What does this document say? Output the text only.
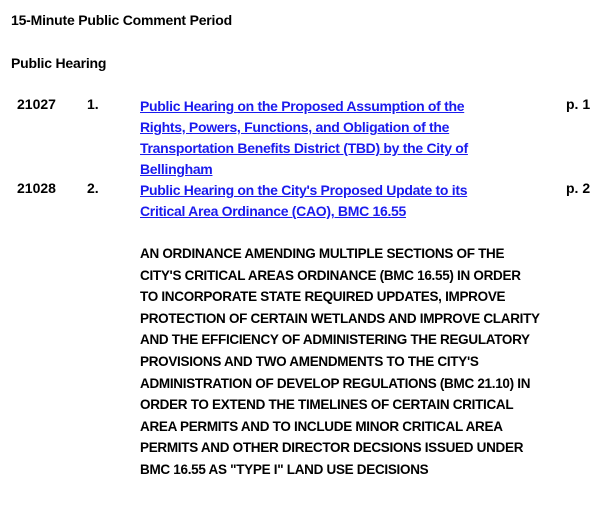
15-Minute Public Comment Period
Public Hearing
21027 1.	Public Hearing on the Proposed Assumption of the Rights, Powers, Functions, and Obligation of the Transportation Benefits District (TBD) by the City of Bellingham
p. 1
21028 2.	Public Hearing on the City's Proposed Update to its Critical Area Ordinance (CAO), BMC 16.55
p. 2
AN ORDINANCE AMENDING MULTIPLE SECTIONS OF THE CITY'S CRITICAL AREAS ORDINANCE (BMC 16.55) IN ORDER TO INCORPORATE STATE REQUIRED UPDATES, IMPROVE PROTECTION OF CERTAIN WETLANDS AND IMPROVE CLARITY AND THE EFFICIENCY OF ADMINISTERING THE REGULATORY PROVISIONS AND TWO AMENDMENTS TO THE CITY'S ADMINISTRATION OF DEVELOP REGULATIONS (BMC 21.10) IN ORDER TO EXTEND THE TIMELINES OF CERTAIN CRITICAL AREA PERMITS AND TO INCLUDE MINOR CRITICAL AREA PERMITS AND OTHER DIRECTOR DECSIONS ISSUED UNDER BMC 16.55 AS "TYPE I" LAND USE DECISIONS
